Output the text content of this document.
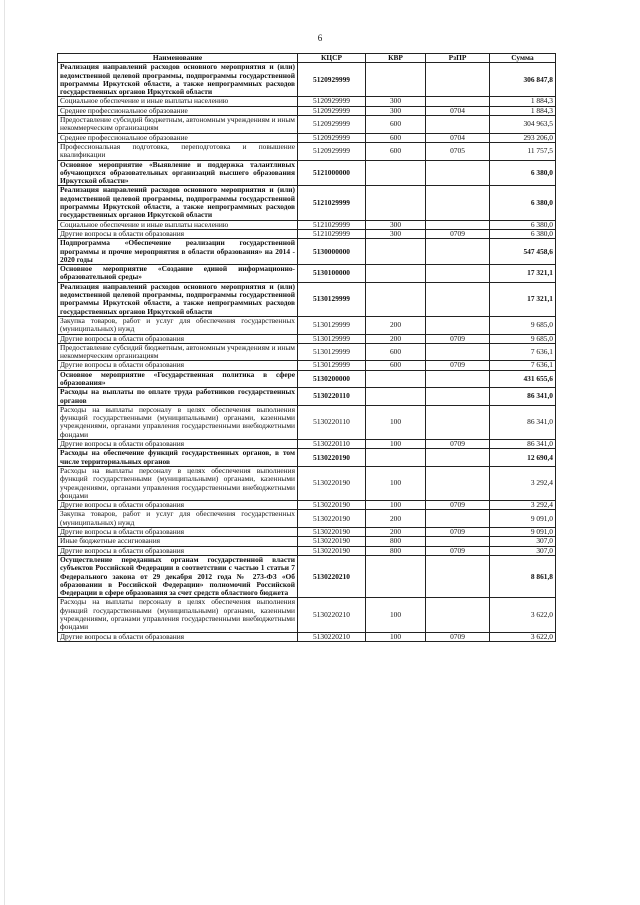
6
Наименование	КЦСР	КВР	РзПР	Сумма
Реализация направлений расходов основного мероприятия и (или) ведомственной целевой программы, подпрограммы государственной программы Иркутской области, а также непрограммных расходов государственных органов Иркутской области	5120929999			306 847,8
Социальное обеспечение и иные выплаты населению	5120929999	300		1 884,3
Среднее профессиональное образование	5120929999	300	0704	1 884,3
Предоставление субсидий бюджетным, автономным учреждениям и иным некоммерческим организациям	5120929999	600		304 963,5
Среднее профессиональное образование	5120929999	600	0704	293 206,0
Профессиональная подготовка, переподготовка и повышение квалификации	5120929999	600	0705	11 757,5
Основное мероприятие «Выявление и поддержка талантливых обучающихся образовательных организаций высшего образования Иркутской области»	5121000000			6 380,0
Реализация направлений расходов основного мероприятия и (или) ведомственной целевой программы, подпрограммы государственной программы Иркутской области, а также непрограммных расходов государственных органов Иркутской области	5121029999			6 380,0
Социальное обеспечение и иные выплаты населению	5121029999	300		6 380,0
Другие вопросы в области образования	5121029999	300	0709	6 380,0
Подпрограмма «Обеспечение реализации государственной программы и прочие мероприятия в области образования» на 2014 - 2020 годы	5130000000			547 458,6
Основное мероприятие «Создание единой информационно-образовательной среды»	5130100000			17 321,1
Реализация направлений расходов основного мероприятия и (или) ведомственной целевой программы, подпрограммы государственной программы Иркутской области, а также непрограммных расходов государственных органов Иркутской области	5130129999			17 321,1
Закупка товаров, работ и услуг для обеспечения государственных (муниципальных) нужд	5130129999	200		9 685,0
Другие вопросы в области образования	5130129999	200	0709	9 685,0
Предоставление субсидий бюджетным, автономным учреждениям и иным некоммерческим организациям	5130129999	600		7 636,1
Другие вопросы в области образования	5130129999	600	0709	7 636,1
Основное мероприятие «Государственная политика в сфере образования»	5130200000			431 655,6
Расходы на выплаты по оплате труда работников государственных органов	5130220110			86 341,0
Расходы на выплаты персоналу в целях обеспечения выполнения функций государственными (муниципальными) органами, казенными учреждениями, органами управления государственными внебюджетными фондами	5130220110	100		86 341,0
Другие вопросы в области образования	5130220110	100	0709	86 341,0
Расходы на обеспечение функций государственных органов, в том числе территориальных органов	5130220190			12 690,4
Расходы на выплаты персоналу в целях обеспечения выполнения функций государственными (муниципальными) органами, казенными учреждениями, органами управления государственными внебюджетными фондами	5130220190	100		3 292,4
Другие вопросы в области образования	5130220190	100	0709	3 292,4
Закупка товаров, работ и услуг для обеспечения государственных (муниципальных) нужд	5130220190	200		9 091,0
Другие вопросы в области образования	5130220190	200	0709	9 091,0
Иные бюджетные ассигнования	5130220190	800		307,0
Другие вопросы в области образования	5130220190	800	0709	307,0
Осуществление переданных органам государственной власти субъектов Российской Федерации в соответствии с частью 1 статьи 7 Федерального закона от 29 декабря 2012 года № 273-ФЗ «Об образовании в Российской Федерации» полномочий Российской Федерации в сфере образования за счет средств областного бюджета	5130220210			8 861,8
Расходы на выплаты персоналу в целях обеспечения выполнения функций государственными (муниципальными) органами, казенными учреждениями, органами управления государственными внебюджетными фондами	5130220210	100		3 622,0
Другие вопросы в области образования	5130220210	100	0709	3 622,0
